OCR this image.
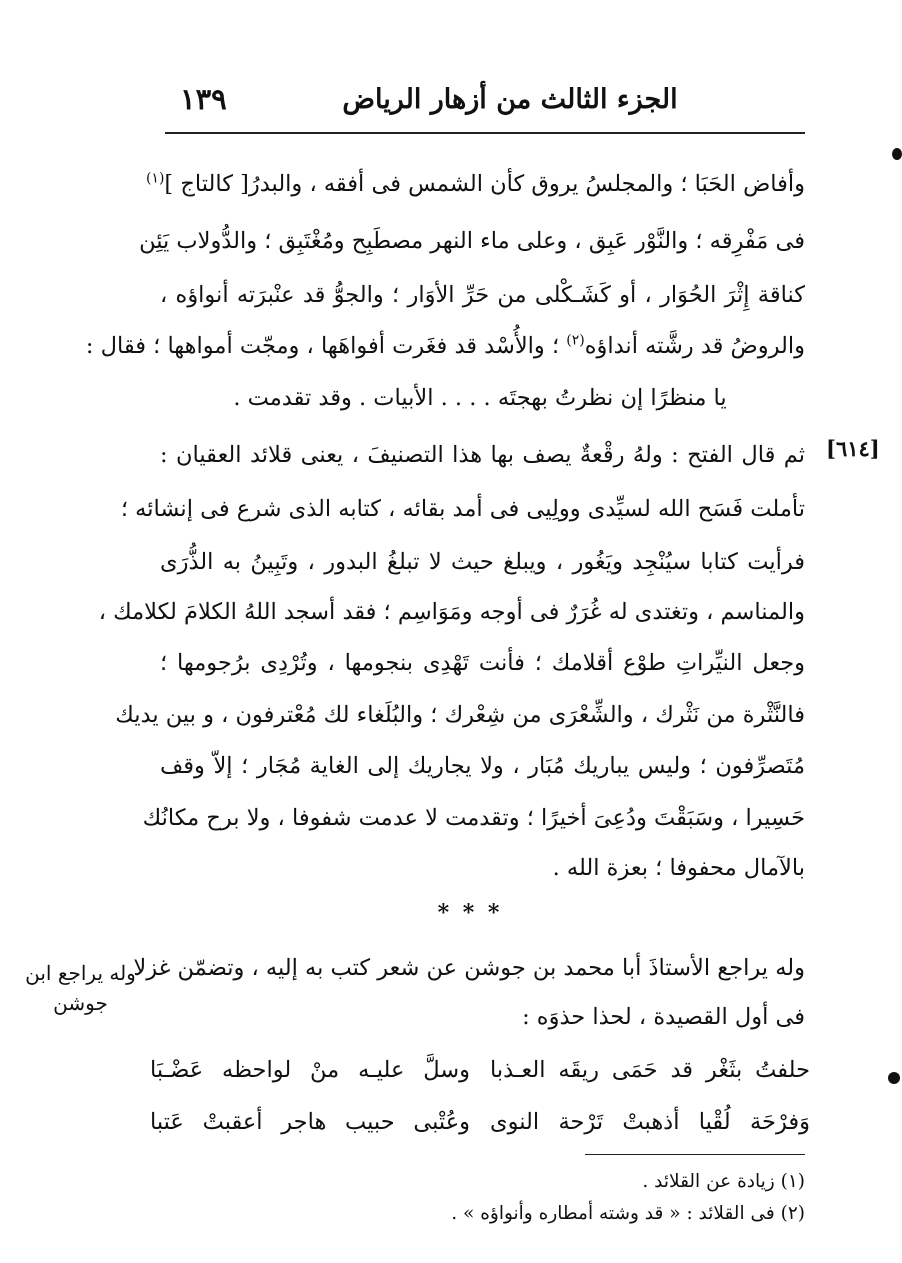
الجزء الثالث من أزهار الرياض
١٣٩
وأفاض الحَبَا ؛ والمجلسُ يروق كأن الشمس فى أفقه ، والبدرُ[ كالتاج ]$^{(١)}$
فى مَفْرِقه ؛ والنَّوْر عَبِق ، وعلى ماء النهر مصطَبِح ومُغْتَبِق ؛ والدُّولاب يَئِن
كناقة إِثْرَ الحُوَار ، أو كَشَـكْلى من حَرِّ الأوَار ؛ والجوُّ قد عنْبرَته أنواؤه ،
والروضُ قد رشَّته أنداؤه$^{(٢)}$ ؛ والأُسْد قد فغَرت أفواهَها ، ومجّت أمواهها ؛ فقال :
يا منظرًا إن نظرتُ بهجتَه . . . . الأبيات . وقد تقدمت .
ثم قال الفتح : ولهُ رقْعةٌ يصف بها هذا التصنيفَ ، يعنى قلائد العقيان : [٦١٤]
تأملت فَسَح الله لسيِّدى وولِيى فى أمد بقائه ، كتابه الذى شرع فى إنشائه ؛
فرأيت كتابا سيُنْجِد ويَغُور ، ويبلغ حيث لا تبلغُ البدور ، وتَبِينُ به الذُّرَى
والمناسم ، وتغتدى له غُرَرٌ فى أوجه ومَوَاسِم ؛ فقد أسجد اللهُ الكلامَ لكلامك ،
وجعل النيِّراتِ طوْع أقلامك ؛ فأنت تَهْدِى بنجومها ، وتُرْدِى برُجومها ؛
فالنَّثْرة من نَثْرك ، والشِّعْرَى من شِعْرك ؛ والبُلَغاء لك مُعْترفون ، و بين يديك
مُتَصرِّفون ؛ وليس يباريك مُبَار ، ولا يجاريك إلى الغاية مُجَار ؛ إلاّ وقف
حَسِيرا ، وسَبَقْتَ ودُعِىَ أخيرًا ؛ وتقدمت لا عدمت شفوفا ، ولا برح مكانُك
بالآمال محفوفا ؛ بعزة الله .
* * *
وله يراجع الأستاذَ أبا محمد بن جوشن عن شعر كتب به إليه ، وتضمّن غزلا
وله يراجع ابن جوشن
فى أول القصيدة ، لحذا حذوَه :
حلفتُ بثَغْر قد حَمَى ريقَه العـذبا
وسلَّ عليـه منْ لواحظه عَضْـبَا
وَفرْحَة لُقْيا أذهبتْ تَرْحة النوى
وعُتْبى حبيب هاجر أعقبتْ عَتبا
(١) زيادة عن القلائد .
(٢) فى القلائد : « قد وشته أمطاره وأنواؤه » .
